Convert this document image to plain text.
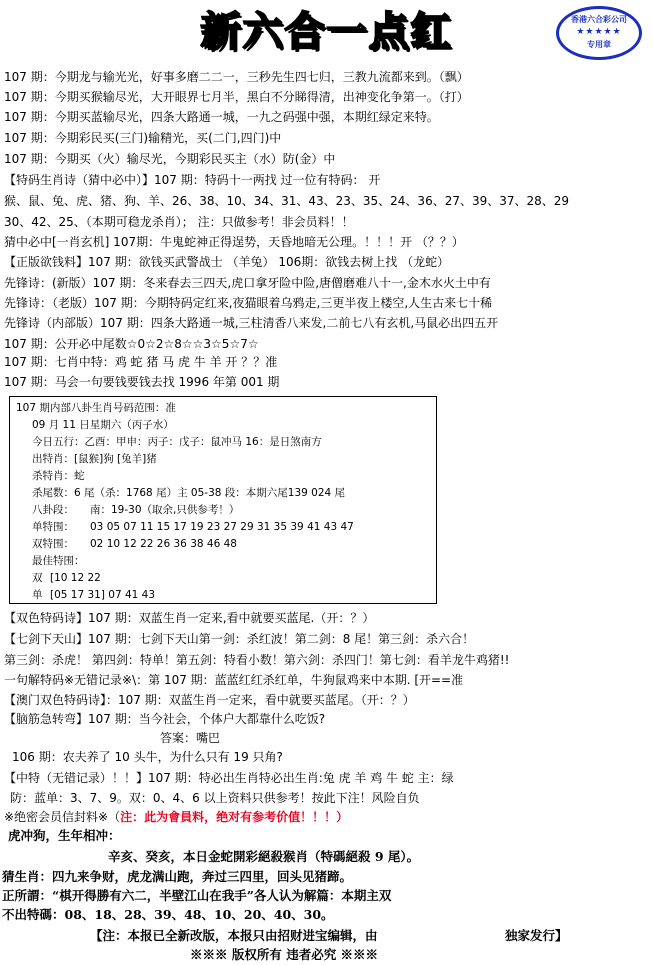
新六合一点红	香港六合彩公司
★★★★★
专用章
107 期：今期龙与输光光，好事多磨二二一，三秒先生四七归，三教九流都来到。（飘）
107 期：今期买猴输尽光，大开眼界七月半，黑白不分睇得清，出神变化争第一。（打）
107 期：今期买蓝输尽光，四条大路通一城，一九之码强中强，本期红绿定来特。
107 期：今期彩民买(三门)输精光，买(二门,四门)中
107 期：今期买（火）输尽光，今期彩民买主（水）防(金）中
【特码生肖诗（猜中必中）】107 期：特码十一两找 过一位有特码： 开
猴、鼠、兔、虎、猪、狗、羊、26、38、10、34、31、43、23、35、24、36、27、39、37、28、29
30、42、25、（本期可稳龙杀肖）； 注：只做参考！非会员料！！
猜中必中[一肖玄机] 107期：牛鬼蛇神正得逞势，天昏地暗无公理。！！！开 （？？）
【正版欲钱料】107 期：欲钱买武警战士 （羊兔） 106期：欲钱去树上找 （龙蛇）
先锋诗：(新版）107 期：冬来春去三四天,虎口拿牙险中险,唐僧磨难八十一,金木水火土中有
先锋诗：（老版）107 期：今期特码定红来,夜猫眼着乌鸦走,三更半夜上楼空,人生古来七十稀
先锋诗（内部版）107 期：四条大路通一城,三柱清香八来发,二前七八有玄机,马鼠必出四五开
107 期：公开必中尾数☆0☆2☆8☆☆3☆5☆7☆
107 期：七肖中特：鸡 蛇 猪 马 虎 牛 羊 开 ？？准
107 期：马会一句要钱要钱去找 1996 年第 001 期
107 期内部八卦生肖号码范围：准
09 月 11 日星期六（丙子水）
今日五行：乙酉：甲申：丙子：戊子：鼠冲马 16：是日煞南方
出特肖：[鼠猴]狗 [兔羊]猪
杀特肖：蛇
杀尾数：6 尾（杀：1768 尾）主 05-38 段：本期六尾139 024 尾
八卦段： 南：19-30（取余,只供参考！）
单特围： 03 05 07 11 15 17 19 23 27 29 31 35 39 41 43 47
双特围： 02 10 12 22 26 36 38 46 48
最佳特围：
双 [10 12 22
单 [05 17 31] 07 41 43
【双色特码诗】107 期：双蓝生肖一定来,看中就要买蓝尾.（开：？）
【七剑下天山】107 期：七剑下天山第一剑：杀红波！第二剑：8 尾！第三剑：杀六合！
第三剑：杀虎！ 第四剑：特单！第五剑：特看小数！第六剑：杀四门！第七剑：看羊龙牛鸡猪!!
一句解特码※无错记录※\：第 107 期：蓝蓝红红杀红单，牛狗鼠鸡来中本期. [开==准
【澳门双色特码诗】：107 期：双蓝生肖一定来，看中就要买蓝尾。（开：？）
【脑筋急转弯】107 期：当今社会，个体户大都靠什么吃饭?
答案：嘴巴
106 期：农夫养了 10 头牛，为什么只有 19 只角?
【中特（无错记录）！！】107 期：特必出生肖特必出生肖:兔 虎 羊 鸡 牛 蛇 主：绿
防：蓝单：3、7、9。双：0、4、6 以上资料只供参考！按此下注！风险自负
※绝密会员信封料※（注：此为會員料，绝对有参考价值！！！）
虎冲狗，生年相冲：
辛亥、癸亥，本日金蛇開彩絕殺猴肖（特碼絕殺 9 尾）。
猜生肖：四九来争财，虎龙满山跑，奔过三四里，回头见猪蹄。
正所謂：“棋开得勝有六二，半壁江山在我手”各人认为解篇：本期主双
不出特碼：08、18、28、39、48、10、20、40、30。
【注：本报已全新改版，本报只由招财进宝编辑，由	独家发行】
※※※ 版权所有 违者必究 ※※※
